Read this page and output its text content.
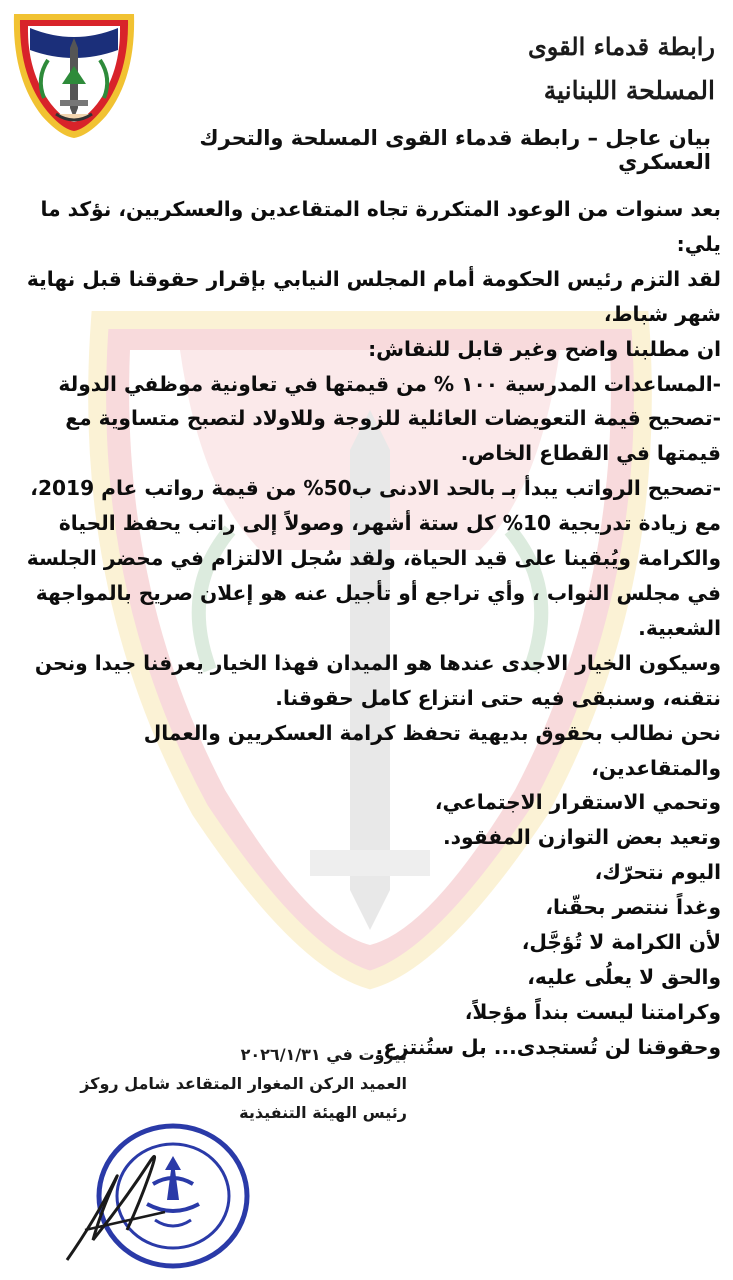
رابطة قدماء القوى
المسلحة اللبنانية
بيان عاجل – رابطة قدماء القوى المسلحة والتحرك العسكري

بعد سنوات من الوعود المتكررة تجاه المتقاعدين والعسكريين، نؤكد ما يلي:

لقد التزم رئيس الحكومة أمام المجلس النيابي بإقرار حقوقنا قبل نهاية شهر شباط،

ان مطلبنا واضح وغير قابل للنقاش:

-المساعدات المدرسية ١٠٠ % من قيمتها في تعاونية موظفي الدولة

-تصحيح قيمة التعويضات العائلية للزوجة وللاولاد لتصبح متساوية مع قيمتها في القطاع الخاص.

-تصحيح الرواتب يبدأ بـ بالحد الادنى ب50% من قيمة رواتب عام 2019، مع زيادة تدريجية 10% كل ستة أشهر، وصولاً إلى راتب يحفظ الحياة والكرامة ويُبقينا على قيد الحياة، ولقد سُجل الالتزام في محضر الجلسة في مجلس النواب ، وأي تراجع أو تأجيل عنه هو إعلان صريح بالمواجهة الشعبية.

وسيكون الخيار الاجدى عندها هو الميدان فهذا الخيار يعرفنا جيدا ونحن نتقنه، وسنبقى فيه حتى انتزاع كامل حقوقنا.

نحن نطالب بحقوق بديهية تحفظ كرامة العسكريين والعمال والمتقاعدين،

وتحمي الاستقرار الاجتماعي،

وتعيد بعض التوازن المفقود.

اليوم نتحرّك،

وغداً ننتصر بحقّنا،

لأن الكرامة لا تُؤجَّل،

والحق لا يعلُى عليه،

وكرامتنا ليست بنداً مؤجلاً،

وحقوقنا لن تُستجدى... بل ستُنتزع.

بيروت في ٢٠٢٦/١/٣١

العميد الركن المغوار المتقاعد شامل روكز

رئيس الهيئة التنفيذية
